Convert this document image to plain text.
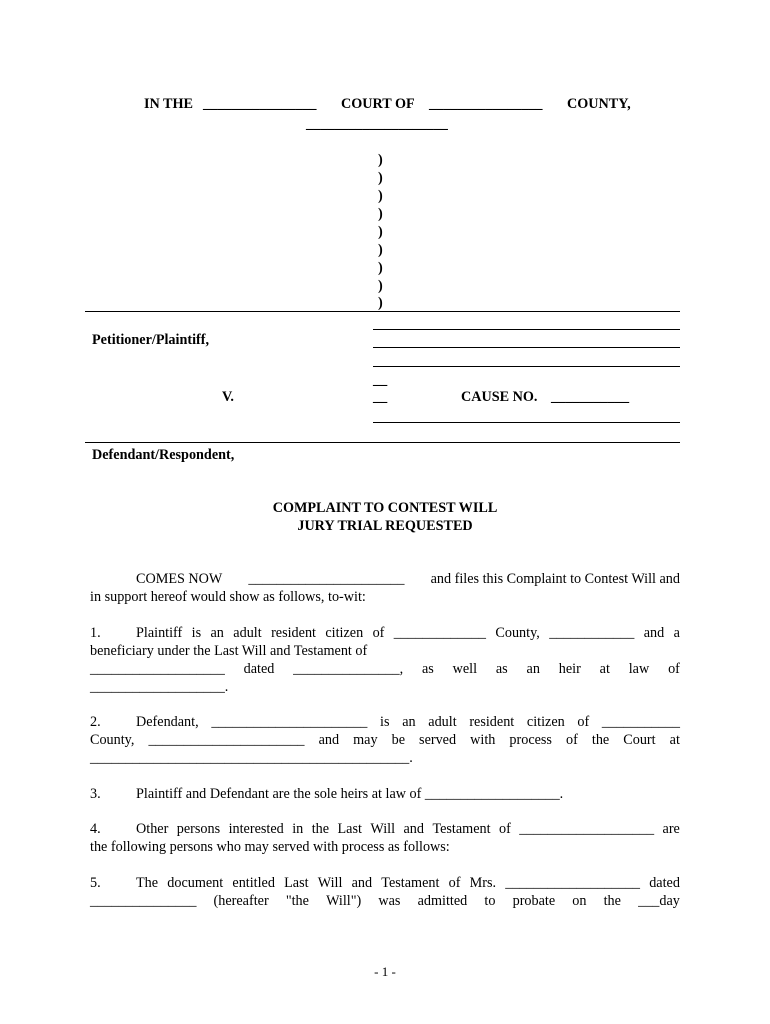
IN THE ________________ COURT OF ________________ COUNTY,
____________________
)
)
)
)
)
)
)
)
)
Petitioner/Plaintiff,
__
V.	__	CAUSE NO. ___________
Defendant/Respondent,
COMPLAINT TO CONTEST WILL
JURY TRIAL REQUESTED
COMES NOW ______________________ and files this Complaint to Contest Will and
in support hereof would show as follows, to-wit:
1. Plaintiff is an adult resident citizen of _____________ County, ____________ and a
beneficiary under the Last Will and Testament of
___________________ dated _______________, as well as an heir at law of
___________________.
2. Defendant, ______________________ is an adult resident citizen of ___________
County, ______________________ and may be served with process of the Court at
_____________________________________________.
3. Plaintiff and Defendant are the sole heirs at law of ___________________.
4. Other persons interested in the Last Will and Testament of ___________________ are
the following persons who may served with process as follows:
5. The document entitled Last Will and Testament of Mrs. ___________________ dated
_______________ (hereafter "the Will") was admitted to probate on the ___day
- 1 -
